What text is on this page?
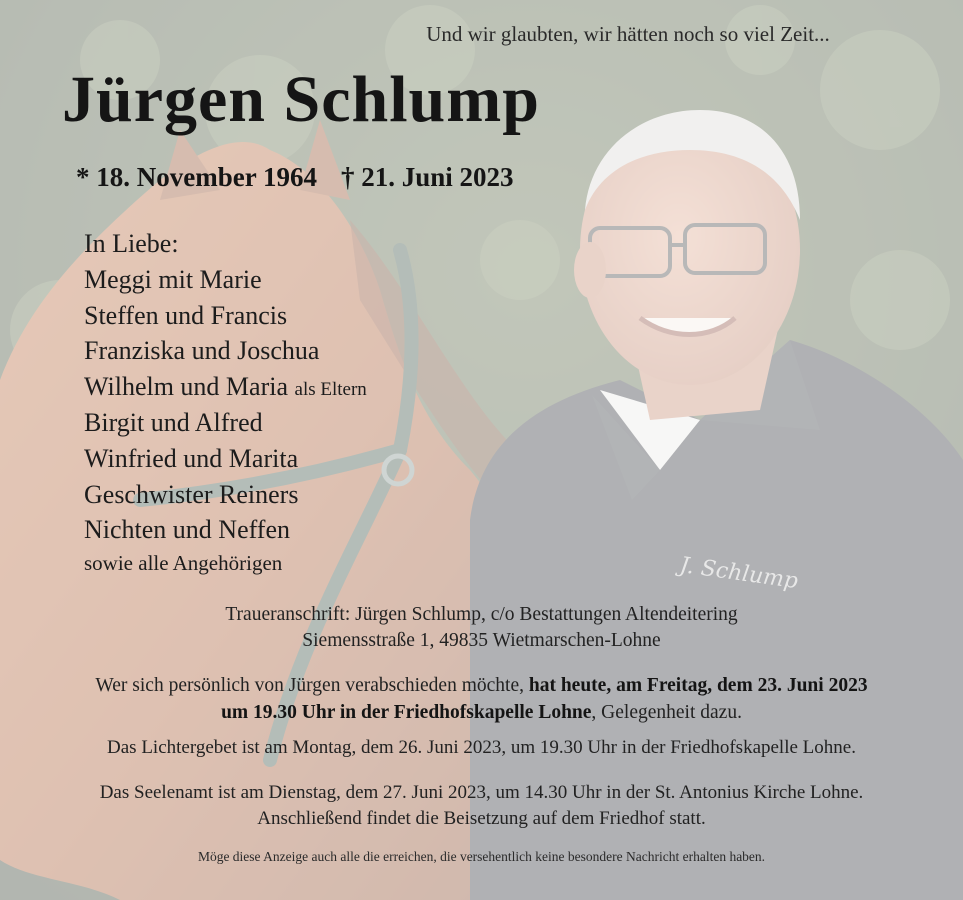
Und wir glaubten, wir hätten noch so viel Zeit...
Jürgen Schlump
* 18. November 1964 † 21. Juni 2023
In Liebe:
Meggi mit Marie
Steffen und Francis
Franziska und Joschua
Wilhelm und Maria als Eltern
Birgit und Alfred
Winfried und Marita
Geschwister Reiners
Nichten und Neffen
sowie alle Angehörigen
Traueranschrift: Jürgen Schlump, c/o Bestattungen Altendeitering
Siemensstraße 1, 49835 Wietmarschen-Lohne
Wer sich persönlich von Jürgen verabschieden möchte, hat heute, am Freitag, dem 23. Juni 2023
um 19.30 Uhr in der Friedhofskapelle Lohne, Gelegenheit dazu.
Das Lichtergebet ist am Montag, dem 26. Juni 2023, um 19.30 Uhr in der Friedhofskapelle Lohne.
Das Seelenamt ist am Dienstag, dem 27. Juni 2023, um 14.30 Uhr in der St. Antonius Kirche Lohne.
Anschließend findet die Beisetzung auf dem Friedhof statt.
Möge diese Anzeige auch alle die erreichen, die versehentlich keine besondere Nachricht erhalten haben.
